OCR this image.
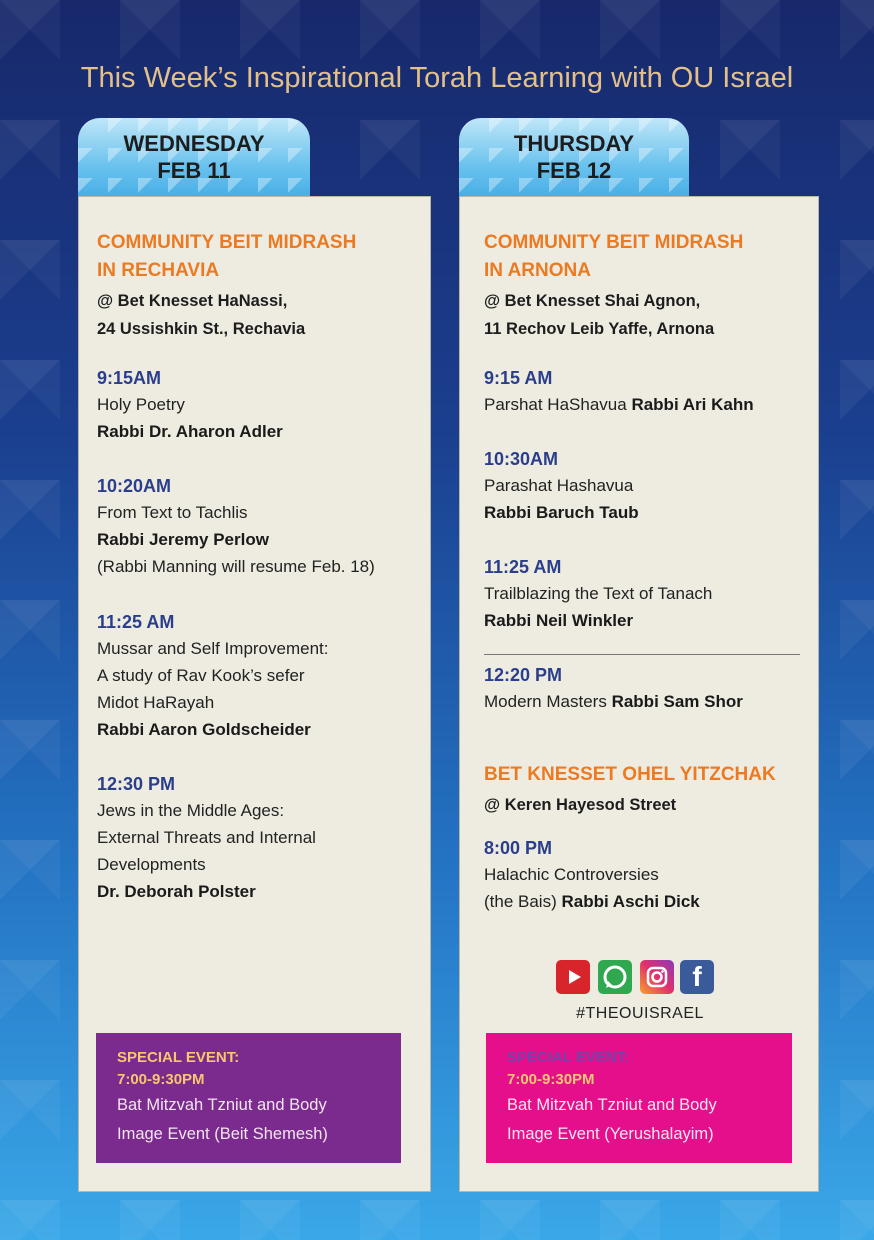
This Week’s Inspirational Torah Learning with OU Israel
WEDNESDAY
FEB 11
COMMUNITY BEIT MIDRASH
IN RECHAVIA
@ Bet Knesset HaNassi,
24 Ussishkin St., Rechavia
9:15AM
Holy Poetry
Rabbi Dr. Aharon Adler
10:20AM
From Text to Tachlis
Rabbi Jeremy Perlow
(Rabbi Manning will resume Feb. 18)
11:25 AM
Mussar and Self Improvement:
A study of Rav Kook’s sefer
Midot HaRayah
Rabbi Aaron Goldscheider
12:30 PM
Jews in the Middle Ages:
External Threats and Internal
Developments
Dr. Deborah Polster
SPECIAL EVENT:
7:00-9:30PM
Bat Mitzvah Tzniut and Body
Image Event (Beit Shemesh)
THURSDAY
FEB 12
COMMUNITY BEIT MIDRASH
IN ARNONA
@ Bet Knesset Shai Agnon,
11 Rechov Leib Yaffe, Arnona
9:15 AM
Parshat HaShavua Rabbi Ari Kahn
10:30AM
Parashat Hashavua
Rabbi Baruch Taub
11:25 AM
Trailblazing the Text of Tanach
Rabbi Neil Winkler
12:20 PM
Modern Masters Rabbi Sam Shor
BET KNESSET OHEL YITZCHAK
@ Keren Hayesod Street
8:00 PM
Halachic Controversies
(the Bais) Rabbi Aschi Dick
f
#THEOUISRAEL
SPECIAL EVENT:
7:00-9:30PM
Bat Mitzvah Tzniut and Body
Image Event (Yerushalayim)
